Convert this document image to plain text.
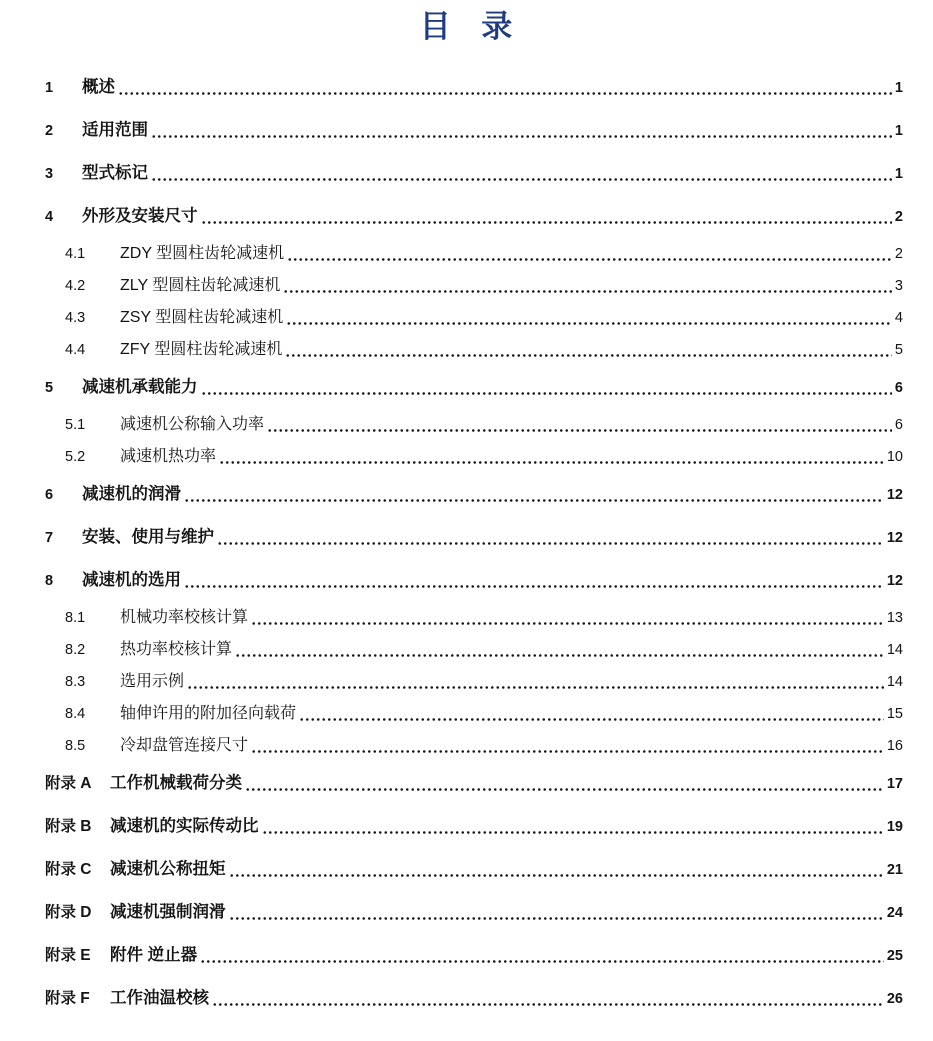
目 录
1	概述	1
2	适用范围	1
3	型式标记	1
4	外形及安装尺寸	2
4.1	ZDY 型圆柱齿轮减速机	2
4.2	ZLY 型圆柱齿轮减速机	3
4.3	ZSY 型圆柱齿轮减速机	4
4.4	ZFY 型圆柱齿轮减速机	5
5	减速机承载能力	6
5.1	减速机公称输入功率	6
5.2	减速机热功率	10
6	减速机的润滑	12
7	安装、使用与维护	12
8	减速机的选用	12
8.1	机械功率校核计算	13
8.2	热功率校核计算	14
8.3	选用示例	14
8.4	轴伸许用的附加径向载荷	15
8.5	冷却盘管连接尺寸	16
附录 A	工作机械载荷分类	17
附录 B	减速机的实际传动比	19
附录 C	减速机公称扭矩	21
附录 D	减速机强制润滑	24
附录 E	附件 逆止器	25
附录 F	工作油温校核	26
